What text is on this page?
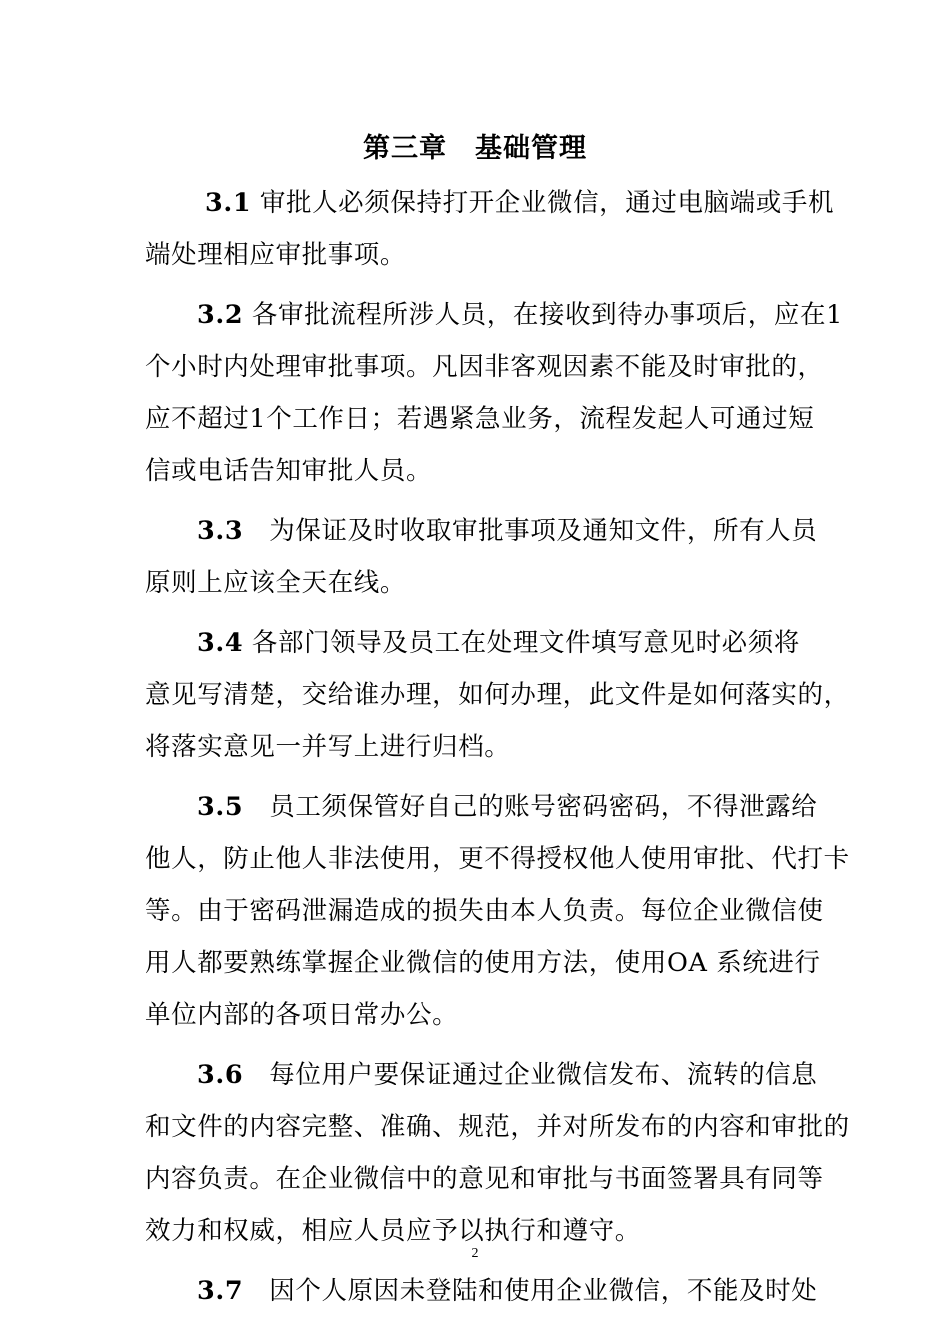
第三章　基础管理
3.1 审批人必须保持打开企业微信，通过电脑端或手机
端处理相应审批事项。
3.2 各审批流程所涉人员，在接收到待办事项后，应在1
个小时内处理审批事项。凡因非客观因素不能及时审批的，
应不超过1个工作日；若遇紧急业务，流程发起人可通过短
信或电话告知审批人员。
3.3　为保证及时收取审批事项及通知文件，所有人员
原则上应该全天在线。
3.4 各部门领导及员工在处理文件填写意见时必须将
意见写清楚，交给谁办理，如何办理，此文件是如何落实的，
将落实意见一并写上进行归档。
3.5　员工须保管好自己的账号密码密码，不得泄露给
他人，防止他人非法使用，更不得授权他人使用审批、代打卡
等。由于密码泄漏造成的损失由本人负责。每位企业微信使
用人都要熟练掌握企业微信的使用方法，使用OA 系统进行
单位内部的各项日常办公。
3.6　每位用户要保证通过企业微信发布、流转的信息
和文件的内容完整、准确、规范，并对所发布的内容和审批的
内容负责。在企业微信中的意见和审批与书面签署具有同等
效力和权威，相应人员应予以执行和遵守。
3.7　因个人原因未登陆和使用企业微信，不能及时处
2
